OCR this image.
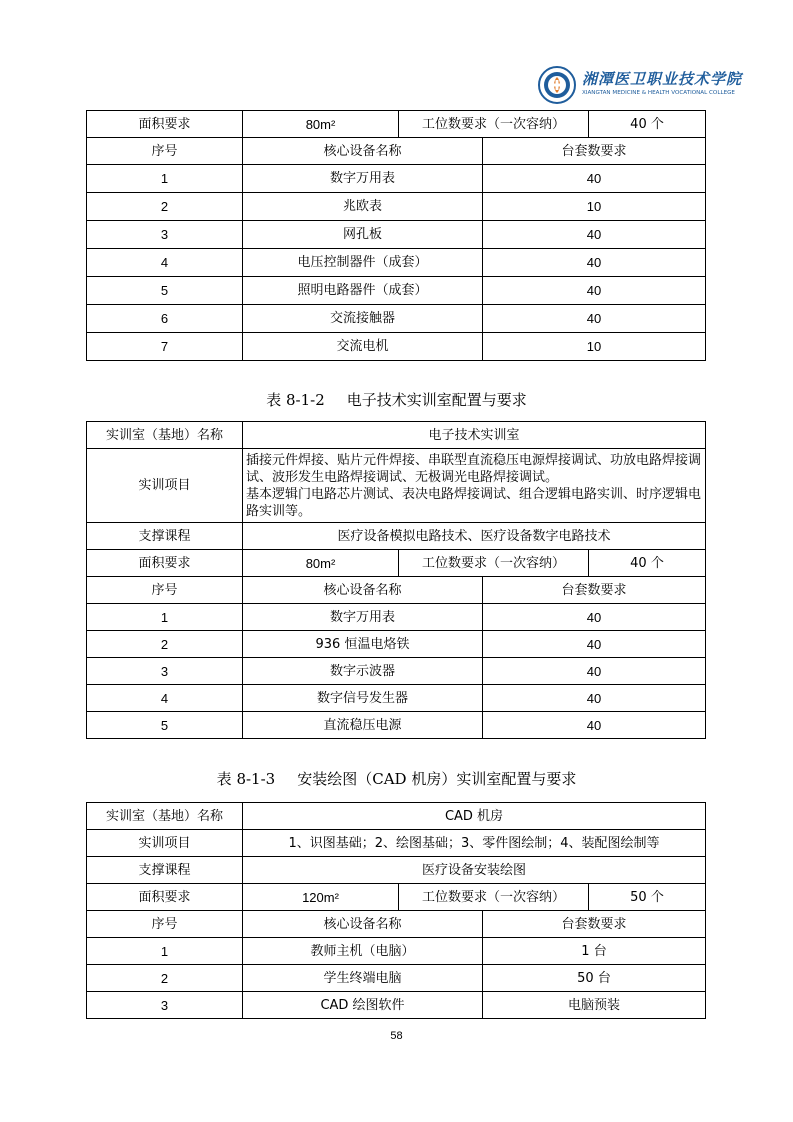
湘潭医卫职业技术学院
XIANGTAN MEDICINE & HEALTH VOCATIONAL COLLEGE
面积要求	80m²	工位数要求（一次容纳）		40 个
序号	核心设备名称		台套数要求	
1	数字万用表		40	
2	兆欧表		10	
3	网孔板		40	
4	电压控制器件（成套）		40	
5	照明电路器件（成套）		40	
6	交流接触器		40	
7	交流电机		10	
表 8-1-2 电子技术实训室配置与要求
实训室（基地）名称	电子技术实训室			
实训项目	插接元件焊接、贴片元件焊接、串联型直流稳压电源焊接调试、功放电路焊接调试、波形发生电路焊接调试、无极调光电路焊接调试。
基本逻辑门电路芯片测试、表决电路焊接调试、组合逻辑电路实训、时序逻辑电路实训等。			

支撑课程	医疗设备模拟电路技术、医疗设备数字电路技术			
面积要求	80m²	工位数要求（一次容纳）		40 个
序号	核心设备名称		台套数要求	
1	数字万用表		40	
2	936 恒温电烙铁		40	
3	数字示波器		40	
4	数字信号发生器		40	
5	直流稳压电源		40	
表 8-1-3 安装绘图（CAD 机房）实训室配置与要求
实训室（基地）名称	CAD 机房			
实训项目	1、识图基础；2、绘图基础；3、零件图绘制；4、装配图绘制等			
支撑课程	医疗设备安装绘图			
面积要求	120m²	工位数要求（一次容纳）		50 个
序号	核心设备名称		台套数要求	
1	教师主机（电脑）		1 台	
2	学生终端电脑		50 台	
3	CAD 绘图软件		电脑预装	
58
